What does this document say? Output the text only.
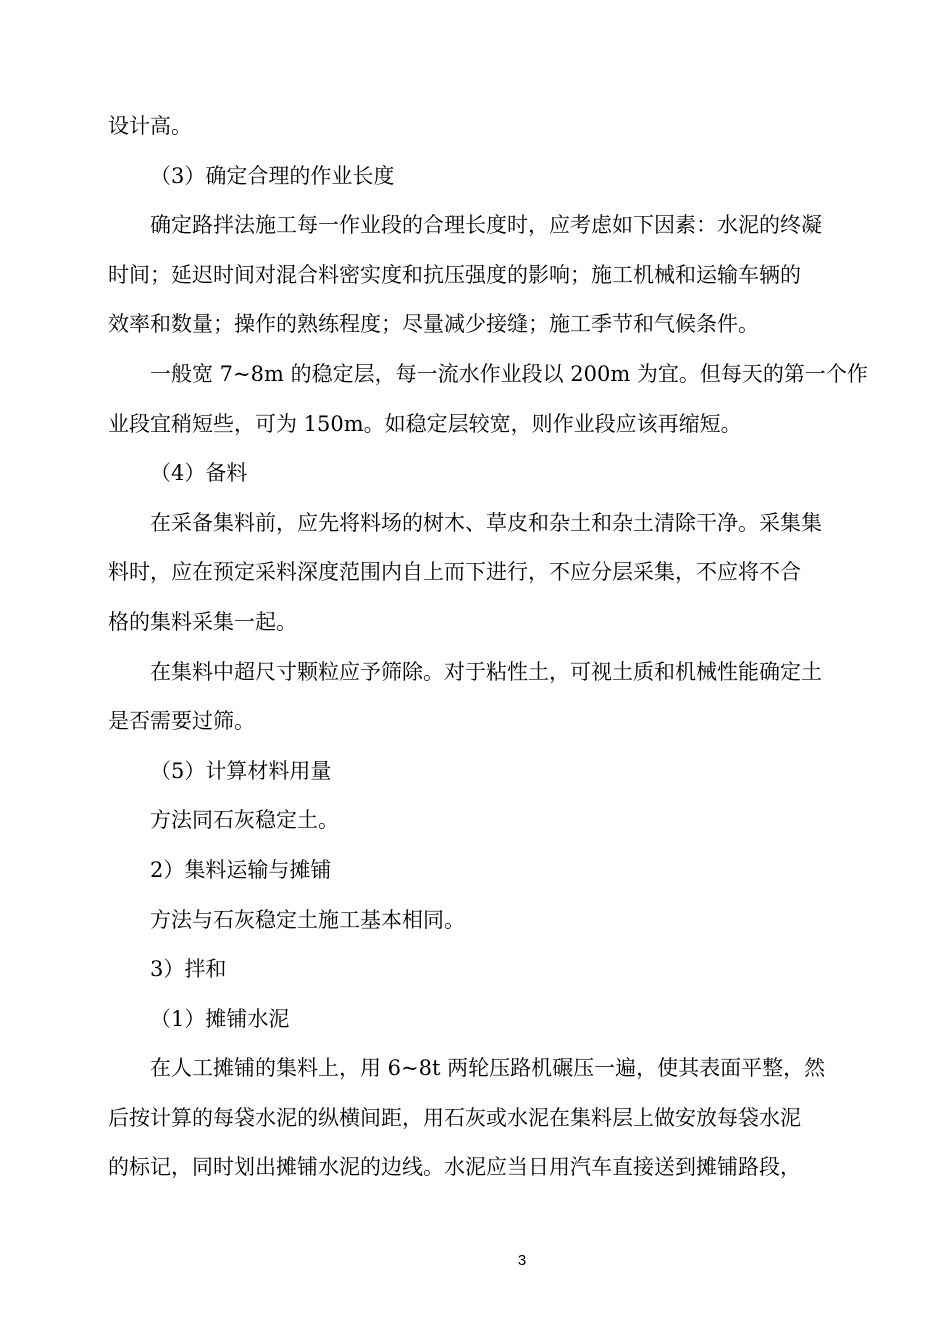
设计高。

（3）确定合理的作业长度

确定路拌法施工每一作业段的合理长度时，应考虑如下因素：水泥的终凝

时间；延迟时间对混合料密实度和抗压强度的影响；施工机械和运输车辆的

效率和数量；操作的熟练程度；尽量减少接缝；施工季节和气候条件。

一般宽 7~8m 的稳定层，每一流水作业段以 200m 为宜。但每天的第一个作

业段宜稍短些，可为 150m。如稳定层较宽，则作业段应该再缩短。

（4）备料

在采备集料前，应先将料场的树木、草皮和杂土和杂土清除干净。采集集

料时，应在预定采料深度范围内自上而下进行，不应分层采集，不应将不合

格的集料采集一起。

在集料中超尺寸颗粒应予筛除。对于粘性土，可视土质和机械性能确定土

是否需要过筛。

（5）计算材料用量

方法同石灰稳定土。

2）集料运输与摊铺

方法与石灰稳定土施工基本相同。

3）拌和

（1）摊铺水泥

在人工摊铺的集料上，用 6~8t 两轮压路机碾压一遍，使其表面平整，然

后按计算的每袋水泥的纵横间距，用石灰或水泥在集料层上做安放每袋水泥

的标记，同时划出摊铺水泥的边线。水泥应当日用汽车直接送到摊铺路段，

3
